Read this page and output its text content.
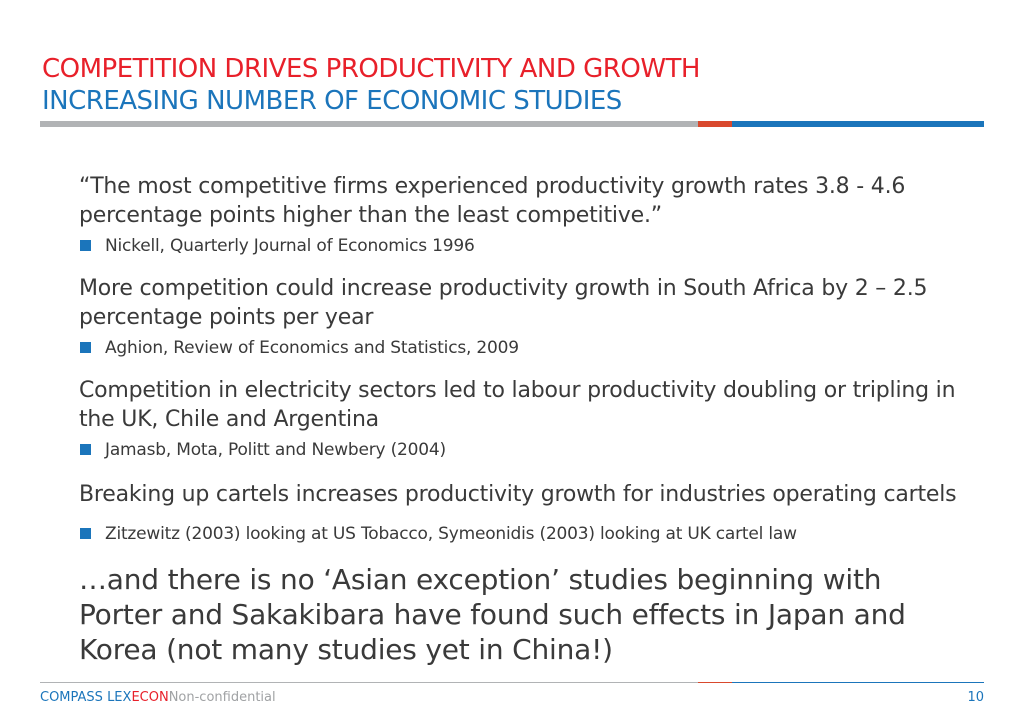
COMPETITION DRIVES PRODUCTIVITY AND GROWTH
INCREASING NUMBER OF ECONOMIC STUDIES
“The most competitive firms experienced productivity growth rates 3.8 - 4.6 percentage points higher than the least competitive.”
Nickell, Quarterly Journal of Economics 1996
More competition could increase productivity growth in South Africa by 2 – 2.5 percentage points per year
Aghion, Review of Economics and Statistics, 2009
Competition in electricity sectors led to labour productivity doubling or tripling in the UK, Chile and Argentina
Jamasb, Mota, Politt and Newbery (2004)
Breaking up cartels increases productivity growth for industries operating cartels
Zitzewitz (2003) looking at US Tobacco, Symeonidis (2003) looking at UK cartel law
…and there is no ‘Asian exception’ studies beginning with Porter and Sakakibara have found such effects in Japan and Korea (not many studies yet in China!)
COMPASS LEXECONNon-confidential	10
